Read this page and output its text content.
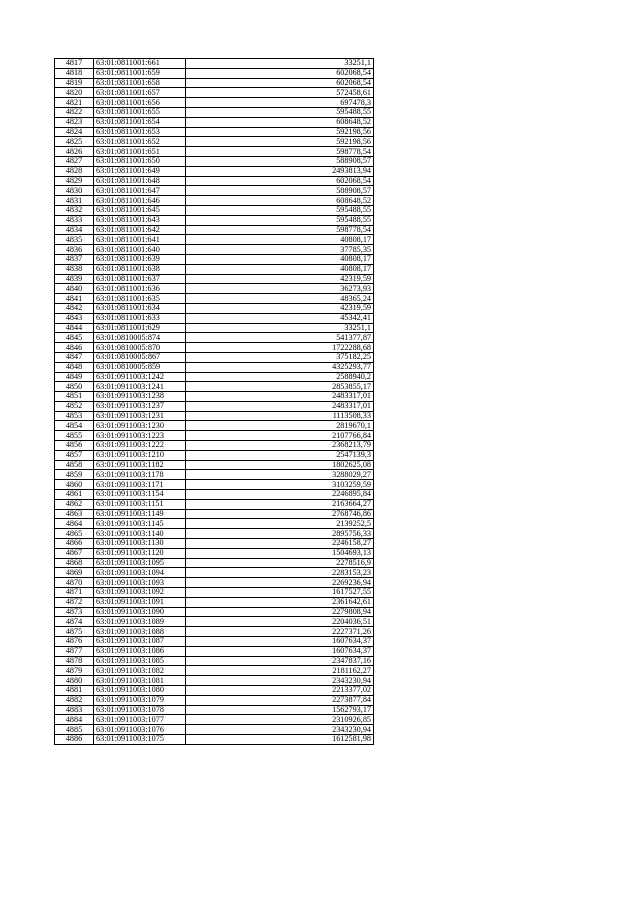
4817	63:01:0811001:661	33251,1
4818	63:01:0811001:659	602068,54
4819	63:01:0811001:658	602068,54
4820	63:01:0811001:657	572458,61
4821	63:01:0811001:656	697478,3
4822	63:01:0811001:655	595488,55
4823	63:01:0811001:654	608648,52
4824	63:01:0811001:653	592198,56
4825	63:01:0811001:652	592198,56
4826	63:01:0811001:651	598778,54
4827	63:01:0811001:650	588908,57
4828	63:01:0811001:649	2493813,94
4829	63:01:0811001:648	602068,54
4830	63:01:0811001:647	588908,57
4831	63:01:0811001:646	608648,52
4832	63:01:0811001:645	595488,55
4833	63:01:0811001:643	595488,55
4834	63:01:0811001:642	598778,54
4835	63:01:0811001:641	40808,17
4836	63:01:0811001:640	37785,35
4837	63:01:0811001:639	40808,17
4838	63:01:0811001:638	40808,17
4839	63:01:0811001:637	42319,59
4840	63:01:0811001:636	36273,93
4841	63:01:0811001:635	48365,24
4842	63:01:0811001:634	42319,59
4843	63:01:0811001:633	45342,41
4844	63:01:0811001:629	33251,1
4845	63:01:0810005:874	541377,87
4846	63:01:0810005:870	1722288,68
4847	63:01:0810005:867	375182,25
4848	63:01:0810005:859	4325293,77
4849	63:01:0911003:1242	2588940,2
4850	63:01:0911003:1241	2853855,17
4851	63:01:0911003:1238	2483317,01
4852	63:01:0911003:1237	2483317,01
4853	63:01:0911003:1231	1113508,33
4854	63:01:0911003:1230	2819670,1
4855	63:01:0911003:1223	2107766,84
4856	63:01:0911003:1222	2368213,79
4857	63:01:0911003:1210	2547139,3
4858	63:01:0911003:1182	1802625,08
4859	63:01:0911003:1178	3288029,27
4860	63:01:0911003:1171	3103259,59
4861	63:01:0911003:1154	2246895,84
4862	63:01:0911003:1151	2163664,27
4863	63:01:0911003:1149	2768746,86
4864	63:01:0911003:1145	2139252,5
4865	63:01:0911003:1140	2895756,33
4866	63:01:0911003:1130	2246158,27
4867	63:01:0911003:1120	1504693,13
4868	63:01:0911003:1095	2278516,9
4869	63:01:0911003:1094	2283153,23
4870	63:01:0911003:1093	2269236,94
4871	63:01:0911003:1092	1617527,55
4872	63:01:0911003:1091	2361642,61
4873	63:01:0911003:1090	2279808,94
4874	63:01:0911003:1089	2204036,51
4875	63:01:0911003:1088	2227371,26
4876	63:01:0911003:1087	1607634,37
4877	63:01:0911003:1086	1607634,37
4878	63:01:0911003:1085	2347837,16
4879	63:01:0911003:1082	2181162,27
4880	63:01:0911003:1081	2343230,94
4881	63:01:0911003:1080	2213377,02
4882	63:01:0911003:1079	2273877,84
4883	63:01:0911003:1078	1562793,17
4884	63:01:0911003:1077	2310926,85
4885	63:01:0911003:1076	2343230,94
4886	63:01:0911003:1075	1612581,98
